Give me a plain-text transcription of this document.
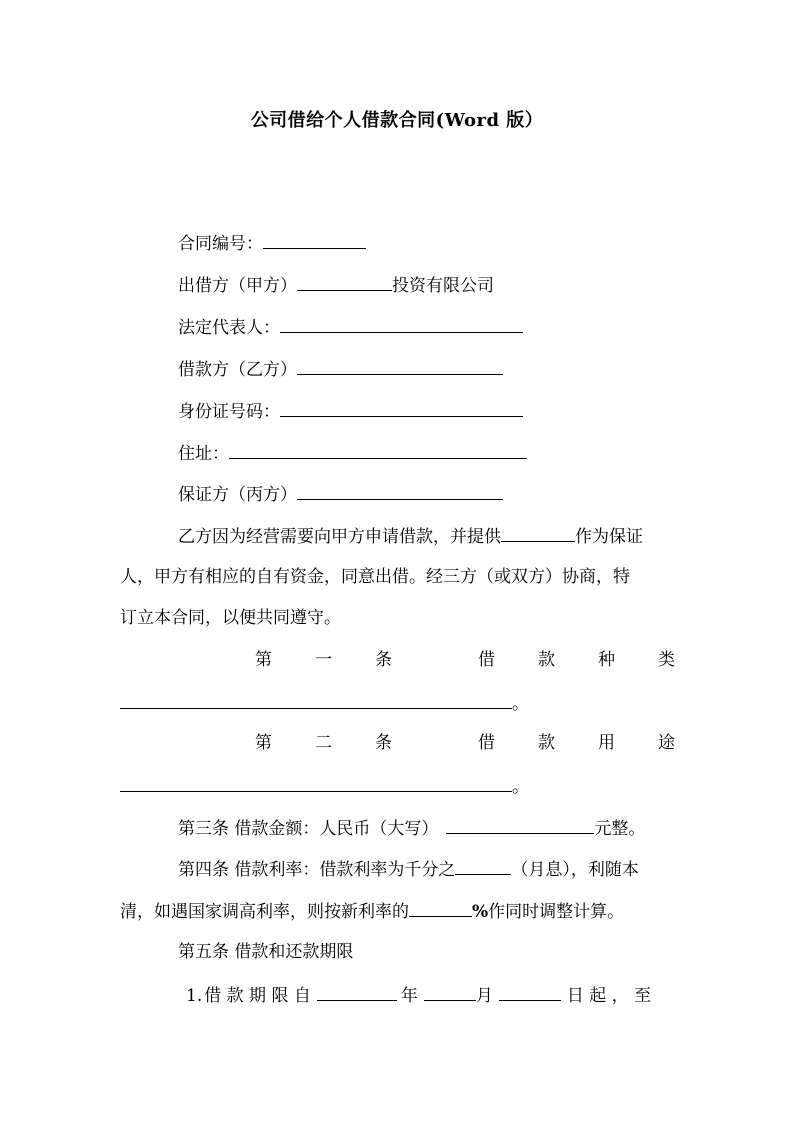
公司借给个人借款合同(Word 版）
合同编号：
出借方（甲方）	投资有限公司
法定代表人：
借款方（乙方）
身份证号码：
住址：
保证方（丙方）
乙方因为经营需要向甲方申请借款，并提供	作为保证
人，甲方有相应的自有资金，同意出借。经三方（或双方）协商，特
订立本合同，以便共同遵守。
第	一	条	借	款	种	类
。
第	二	条	借	款	用	途
。
第三条 借款金额：人民币（大写）	元整。
第四条 借款利率：借款利率为千分之	（月息），利随本
清，如遇国家调高利率，则按新利率的	%作同时调整计算。
第五条 借款和还款期限
1. 借 款 期 限 自	年	月	日 起 ， 至
